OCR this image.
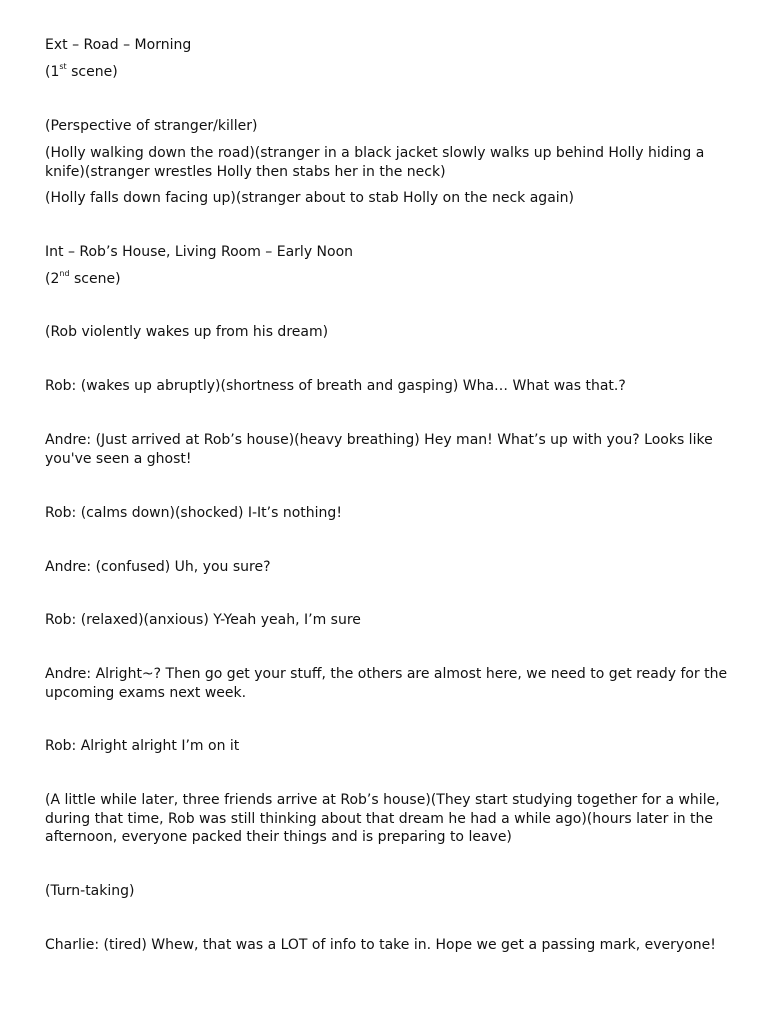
Ext – Road – Morning

(1st scene)

(Perspective of stranger/killer)

(Holly walking down the road)(stranger in a black jacket slowly walks up behind Holly hiding a knife)(stranger wrestles Holly then stabs her in the neck)

(Holly falls down facing up)(stranger about to stab Holly on the neck again)

Int – Rob’s House, Living Room – Early Noon

(2nd scene)

(Rob violently wakes up from his dream)

Rob: (wakes up abruptly)(shortness of breath and gasping) Wha… What was that.?

Andre: (Just arrived at Rob’s house)(heavy breathing) Hey man! What’s up with you? Looks like you've seen a ghost!

Rob: (calms down)(shocked) I-It’s nothing!

Andre: (confused) Uh, you sure?

Rob: (relaxed)(anxious) Y-Yeah yeah, I’m sure

Andre: Alright~? Then go get your stuff, the others are almost here, we need to get ready for the upcoming exams next week.

Rob: Alright alright I’m on it

(A little while later, three friends arrive at Rob’s house)(They start studying together for a while, during that time, Rob was still thinking about that dream he had a while ago)(hours later in the afternoon, everyone packed their things and is preparing to leave)

(Turn-taking)

Charlie: (tired) Whew, that was a LOT of info to take in. Hope we get a passing mark, everyone!
